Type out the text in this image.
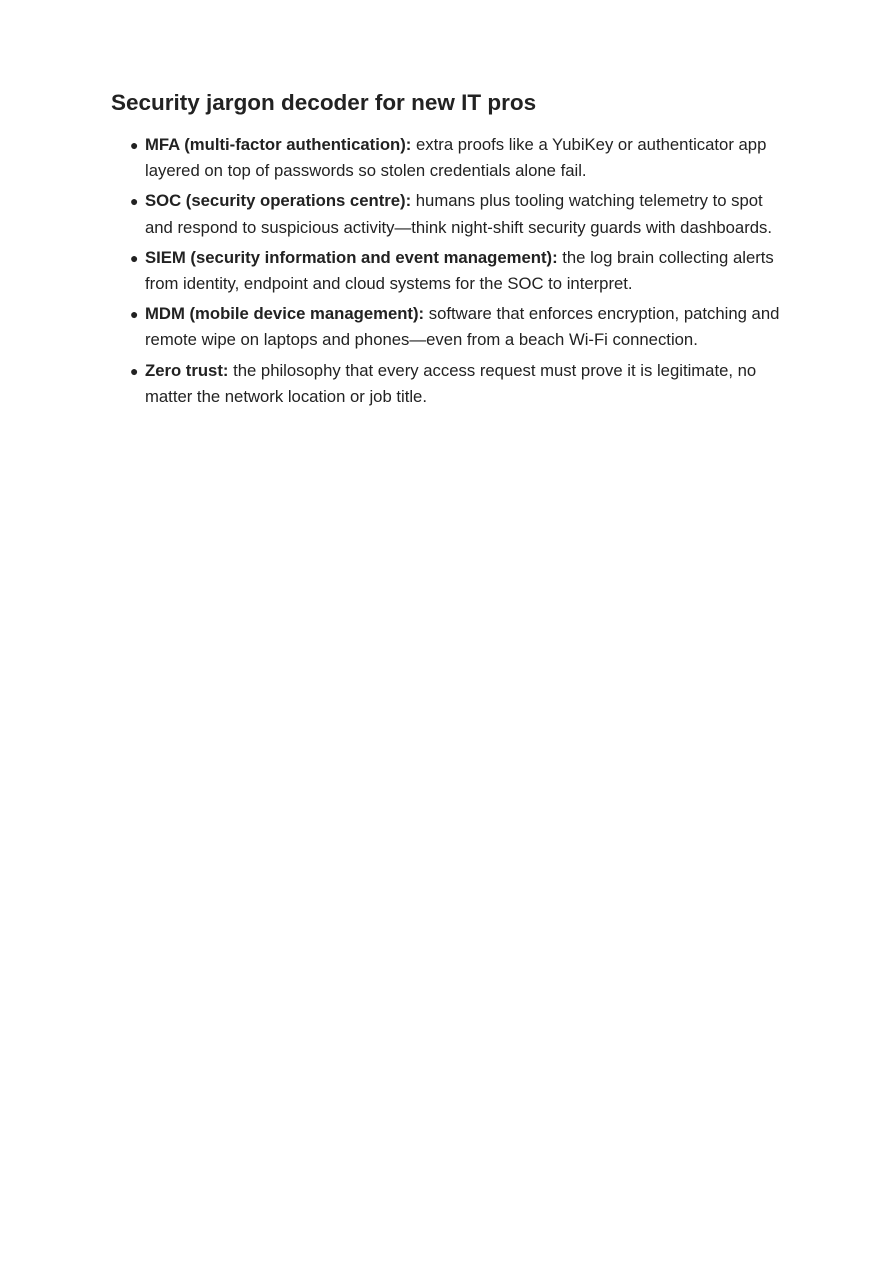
Security jargon decoder for new IT pros
● MFA (multi-factor authentication): extra proofs like a YubiKey or authenticator app layered on top of passwords so stolen credentials alone fail.
● SOC (security operations centre): humans plus tooling watching telemetry to spot and respond to suspicious activity—think night-shift security guards with dashboards.
● SIEM (security information and event management): the log brain collecting alerts from identity, endpoint and cloud systems for the SOC to interpret.
● MDM (mobile device management): software that enforces encryption, patching and remote wipe on laptops and phones—even from a beach Wi-Fi connection.
● Zero trust: the philosophy that every access request must prove it is legitimate, no matter the network location or job title.
